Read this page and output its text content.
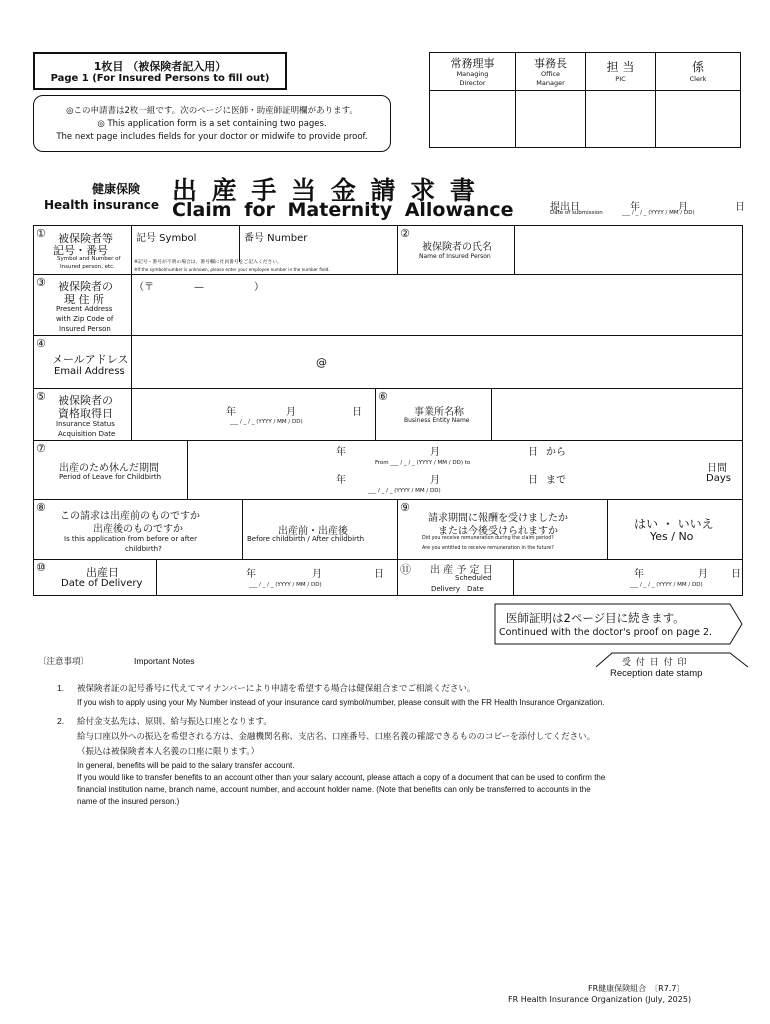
1枚目 （被保険者記入用）
Page 1 (For Insured Persons to fill out)
◎この申請書は2枚一組です。次のページに医師・助産師証明欄があります。
◎ This application form is a set containing two pages.
The next page includes fields for your doctor or midwife to provide proof.
常務理事
Managing
Director
事務長
Office
Manager
担 当
PIC
係
Clerk
健康保険
Health insurance 出 産 手 当 金 請 求 書
Claim for Maternity Allowance	提出日
Date of submission	年	月	日
___ / _ / _ (YYYY / MM / DD)
① 被保険者等
記号・番号
Symbol and Number of
Insured person, etc.
記号 Symbol	番号 Number
※記号・番号が不明の場合は、番号欄に社員番号をご記入ください。
※If the symbol/number is unknown, please enter your employee number in the number field.
②
被保険者の氏名
Name of Insured Person
③ 被保険者の
現 住 所
Present Address
with Zip Code of
Insured Person
（〒　　　　—　　　　　）
④
メールアドレス
Email Address
@
⑤ 被保険者の
資格取得日
Insurance Status
Acquisition Date
年	月	日
___ / _ / _ (YYYY / MM / DD)
⑥
事業所名称
Business Entity Name
⑦
出産のため休んだ期間
Period of Leave for Childbirth
年	月	日 から
From ___ / _ / _ (YYYY / MM / DD) to
年	月	日 まで
___ / _ / _ (YYYY / MM / DD)
日間
Days
⑧
この請求は出産前のものですか
出産後のものですか
Is this application from before or after
childbirth?
出産前・出産後
Before childbirth / After childbirth
⑨
請求期間に報酬を受けましたか
または今後受けられますか
Did you receive remuneration during the claim period?
Are you entitled to receive remuneration in the future?
はい ・ いいえ
Yes / No
⑩	出産日
Date of Delivery
年	月	日
___ / _ / _ (YYYY / MM / DD)
⑪ 出 産 予 定 日
Scheduled
Delivery　Date
年	月 日
___ / _ / _ (YYYY / MM / DD)
医師証明は2ページ目に続きます。
Continued with the doctor's proof on page 2.
受 付 日 付 印
Reception date stamp
〔注意事項〕	Important Notes
1. 被保険者証の記号番号に代えてマイナンバーにより申請を希望する場合は健保組合までご相談ください。
If you wish to apply using your My Number instead of your insurance card symbol/number, please consult with the FR Health Insurance Organization.
2. 給付金支払先は、原則、給与振込口座となります。
給与口座以外への振込を希望される方は、金融機関名称、支店名、口座番号、口座名義の確認できるもののコピーを添付してください。
（振込は被保険者本人名義の口座に限ります。）
In general, benefits will be paid to the salary transfer account.
If you would like to transfer benefits to an account other than your salary account, please attach a copy of a document that can be used to confirm the
financial institution name, branch name, account number, and account holder name. (Note that benefits can only be transferred to accounts in the
name of the insured person.)
FR健康保険組合　〔R7.7〕
FR Health Insurance Organization (July, 2025)
